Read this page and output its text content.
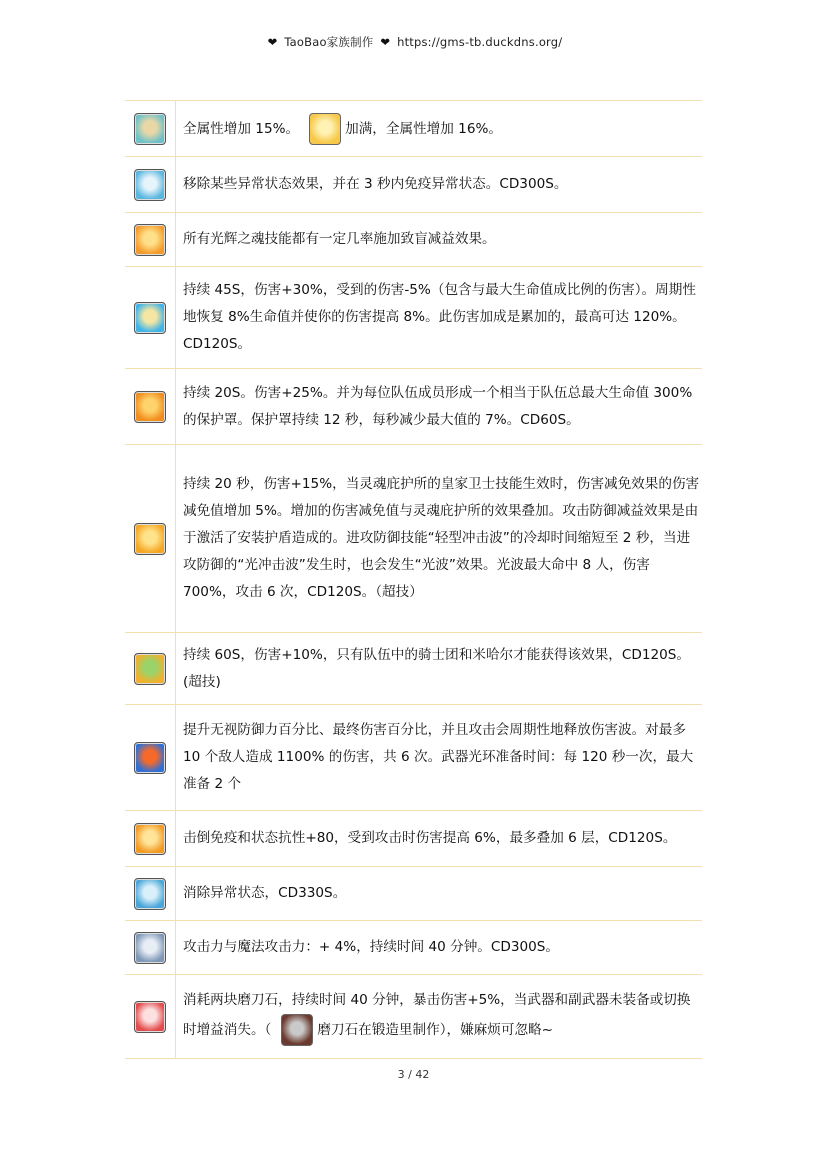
❤ TaoBao家族制作 ❤ https://gms-tb.duckdns.org/
全属性增加 15%。	加满，全属性增加 16%。
移除某些异常状态效果，并在 3 秒内免疫异常状态。CD300S。
所有光辉之魂技能都有一定几率施加致盲减益效果。
持续 45S，伤害+30%，受到的伤害-5%（包含与最大生命值成比例的伤害）。周期性地恢复 8%生命值并使你的伤害提高 8%。此伤害加成是累加的，最高可达 120%。CD120S。
持续 20S。伤害+25%。并为每位队伍成员形成一个相当于队伍总最大生命值 300%的保护罩。保护罩持续 12 秒，每秒减少最大值的 7%。CD60S。
持续 20 秒，伤害+15%，当灵魂庇护所的皇家卫士技能生效时，伤害减免效果的伤害减免值增加 5%。增加的伤害减免值与灵魂庇护所的效果叠加。攻击防御减益效果是由于激活了安装护盾造成的。进攻防御技能“轻型冲击波”的冷却时间缩短至 2 秒，当进攻防御的“光冲击波”发生时，也会发生“光波”效果。光波最大命中 8 人，伤害 700%，攻击 6 次，CD120S。（超技）
持续 60S，伤害+10%，只有队伍中的骑士团和米哈尔才能获得该效果，CD120S。(超技)
提升无视防御力百分比、最终伤害百分比，并且攻击会周期性地释放伤害波。对最多 10 个敌人造成 1100% 的伤害，共 6 次。武器光环准备时间：每 120 秒一次，最大准备 2 个
击倒免疫和状态抗性+80，受到攻击时伤害提高 6%，最多叠加 6 层，CD120S。
消除异常状态，CD330S。
攻击力与魔法攻击力：+ 4%，持续时间 40 分钟。CD300S。
消耗两块磨刀石，持续时间 40 分钟，暴击伤害+5%，当武器和副武器未装备或切换时增益消失。（	磨刀石在锻造里制作），嫌麻烦可忽略~
3 / 42
